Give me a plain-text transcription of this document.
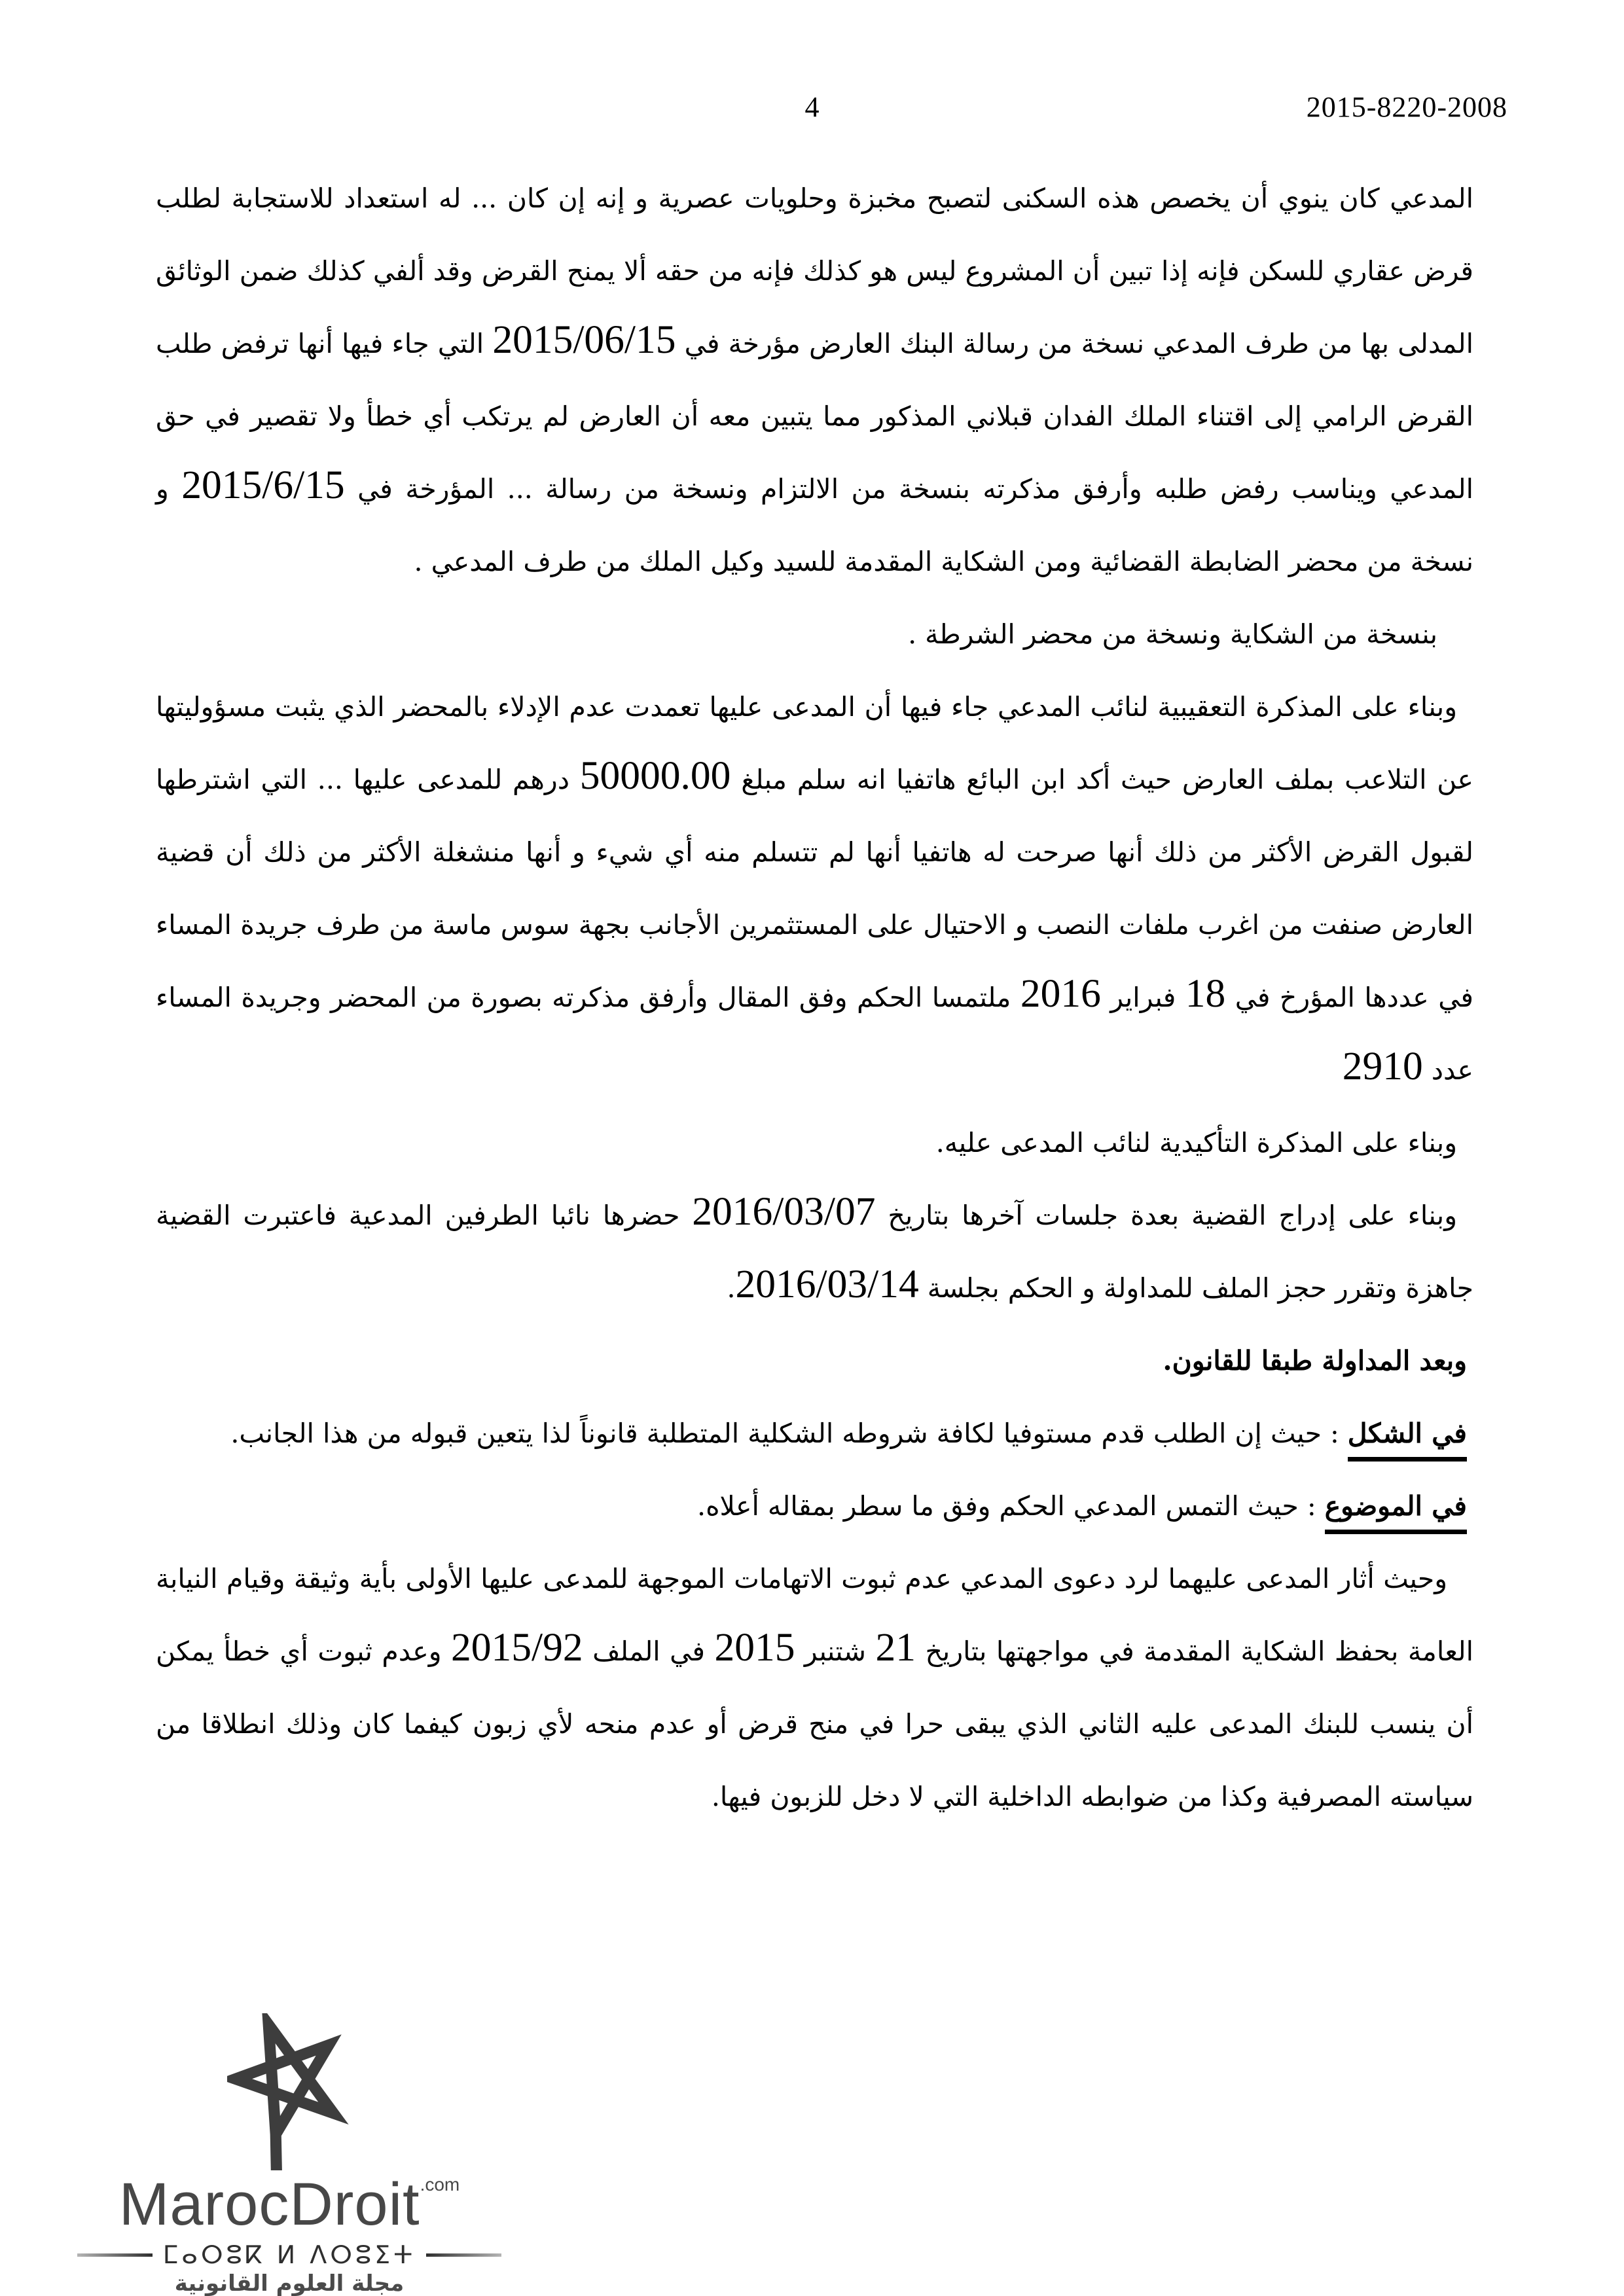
4	2015-8220-2008

المدعي كان ينوي أن يخصص هذه السكنى لتصبح مخبزة وحلويات عصرية و إنه إن كان ... له استعداد للاستجابة لطلب قرض عقاري للسكن فإنه إذا تبين أن المشروع ليس هو كذلك فإنه من حقه ألا يمنح القرض وقد ألفي كذلك ضمن الوثائق المدلى بها من طرف المدعي نسخة من رسالة البنك العارض مؤرخة في 2015/06/15 التي جاء فيها أنها ترفض طلب القرض الرامي إلى اقتناء الملك الفدان قبلاني المذكور مما يتبين معه أن العارض لم يرتكب أي خطأ ولا تقصير في حق المدعي ويناسب رفض طلبه وأرفق مذكرته بنسخة من الالتزام ونسخة من رسالة ... المؤرخة في 2015/6/15 و نسخة من محضر الضابطة القضائية ومن الشكاية المقدمة للسيد وكيل الملك من طرف المدعي .

بنسخة من الشكاية ونسخة من محضر الشرطة .

وبناء على المذكرة التعقيبية لنائب المدعي جاء فيها أن المدعى عليها تعمدت عدم الإدلاء بالمحضر الذي يثبت مسؤوليتها عن التلاعب بملف العارض حيث أكد ابن البائع هاتفيا انه سلم مبلغ 50000.00 درهم للمدعى عليها ... التي اشترطها لقبول القرض الأكثر من ذلك أنها صرحت له هاتفيا أنها لم تتسلم منه أي شيء و أنها منشغلة الأكثر من ذلك أن قضية العارض صنفت من اغرب ملفات النصب و الاحتيال على المستثمرين الأجانب بجهة سوس ماسة من طرف جريدة المساء في عددها المؤرخ في 18 فبراير 2016 ملتمسا الحكم وفق المقال وأرفق مذكرته بصورة من المحضر وجريدة المساء عدد 2910

وبناء على المذكرة التأكيدية لنائب المدعى عليه.

وبناء على إدراج القضية بعدة جلسات آخرها بتاريخ 2016/03/07 حضرها نائبا الطرفين المدعية فاعتبرت القضية جاهزة وتقرر حجز الملف للمداولة و الحكم بجلسة 2016/03/14.

وبعد المداولة طبقا للقانون.

في الشكل : حيث إن الطلب قدم مستوفيا لكافة شروطه الشكلية المتطلبة قانوناً لذا يتعين قبوله من هذا الجانب.

في الموضوع : حيث التمس المدعي الحكم وفق ما سطر بمقاله أعلاه.

وحيث أثار المدعى عليهما لرد دعوى المدعي عدم ثبوت الاتهامات الموجهة للمدعى عليها الأولى بأية وثيقة وقيام النيابة العامة بحفظ الشكاية المقدمة في مواجهتها بتاريخ 21 شتنبر 2015 في الملف 2015/92 وعدم ثبوت أي خطأ يمكن أن ينسب للبنك المدعى عليه الثاني الذي يبقى حرا في منح قرض أو عدم منحه لأي زبون كيفما كان وذلك انطلاقا من سياسته المصرفية وكذا من ضوابطه الداخلية التي لا دخل للزبون فيها.

MarocDroit$^{.com}$
ⵎⴰⵔⵓⴽ ⵍ ⴷⵔⵓⵉⵜ
مجلة العلوم القانونية
